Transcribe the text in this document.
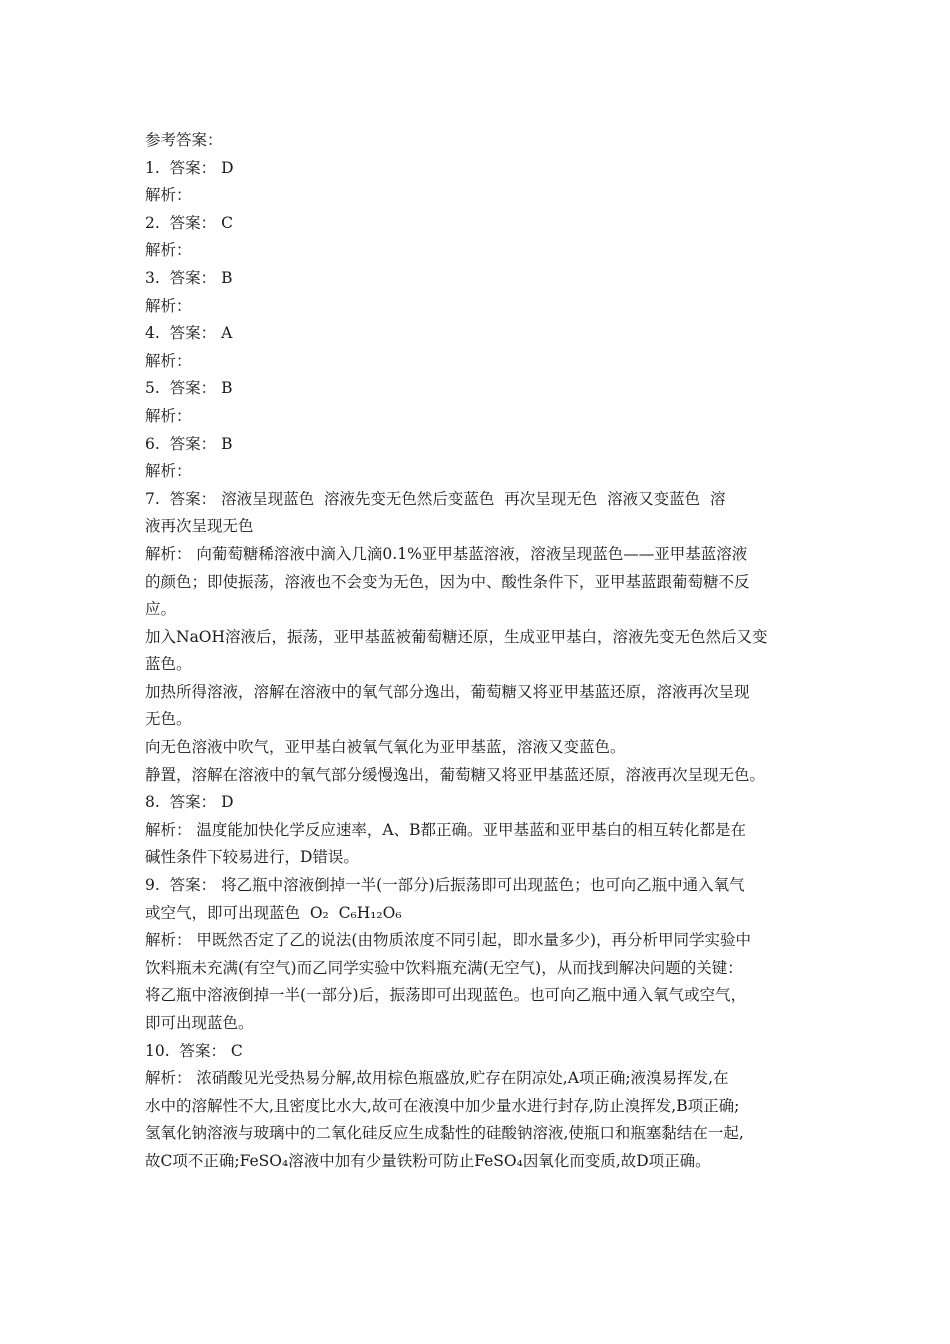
参考答案：
1.  答案： D
解析：
2.  答案： C
解析：
3.  答案： B
解析：
4.  答案： A
解析：
5.  答案： B
解析：
6.  答案： B
解析：
7.  答案： 溶液呈现蓝色  溶液先变无色然后变蓝色  再次呈现无色  溶液又变蓝色  溶
液再次呈现无色
解析： 向葡萄糖稀溶液中滴入几滴0.1%亚甲基蓝溶液，溶液呈现蓝色——亚甲基蓝溶液
的颜色；即使振荡，溶液也不会变为无色，因为中、酸性条件下，亚甲基蓝跟葡萄糖不反
应。
加入NaOH溶液后，振荡，亚甲基蓝被葡萄糖还原，生成亚甲基白，溶液先变无色然后又变
蓝色。
加热所得溶液，溶解在溶液中的氧气部分逸出，葡萄糖又将亚甲基蓝还原，溶液再次呈现
无色。
向无色溶液中吹气，亚甲基白被氧气氧化为亚甲基蓝，溶液又变蓝色。
静置，溶解在溶液中的氧气部分缓慢逸出，葡萄糖又将亚甲基蓝还原，溶液再次呈现无色。
8.  答案： D
解析： 温度能加快化学反应速率，A、B都正确。亚甲基蓝和亚甲基白的相互转化都是在
碱性条件下较易进行，D错误。
9.  答案： 将乙瓶中溶液倒掉一半(一部分)后振荡即可出现蓝色；也可向乙瓶中通入氧气
或空气，即可出现蓝色  O₂  C₆H₁₂O₆
解析： 甲既然否定了乙的说法(由物质浓度不同引起，即水量多少)，再分析甲同学实验中
饮料瓶未充满(有空气)而乙同学实验中饮料瓶充满(无空气)，从而找到解决问题的关键：
将乙瓶中溶液倒掉一半(一部分)后，振荡即可出现蓝色。也可向乙瓶中通入氧气或空气，
即可出现蓝色。
10.  答案： C
解析： 浓硝酸见光受热易分解,故用棕色瓶盛放,贮存在阴凉处,A项正确;液溴易挥发,在
水中的溶解性不大,且密度比水大,故可在液溴中加少量水进行封存,防止溴挥发,B项正确;
氢氧化钠溶液与玻璃中的二氧化硅反应生成黏性的硅酸钠溶液,使瓶口和瓶塞黏结在一起,
故C项不正确;FeSO₄溶液中加有少量铁粉可防止FeSO₄因氧化而变质,故D项正确。
